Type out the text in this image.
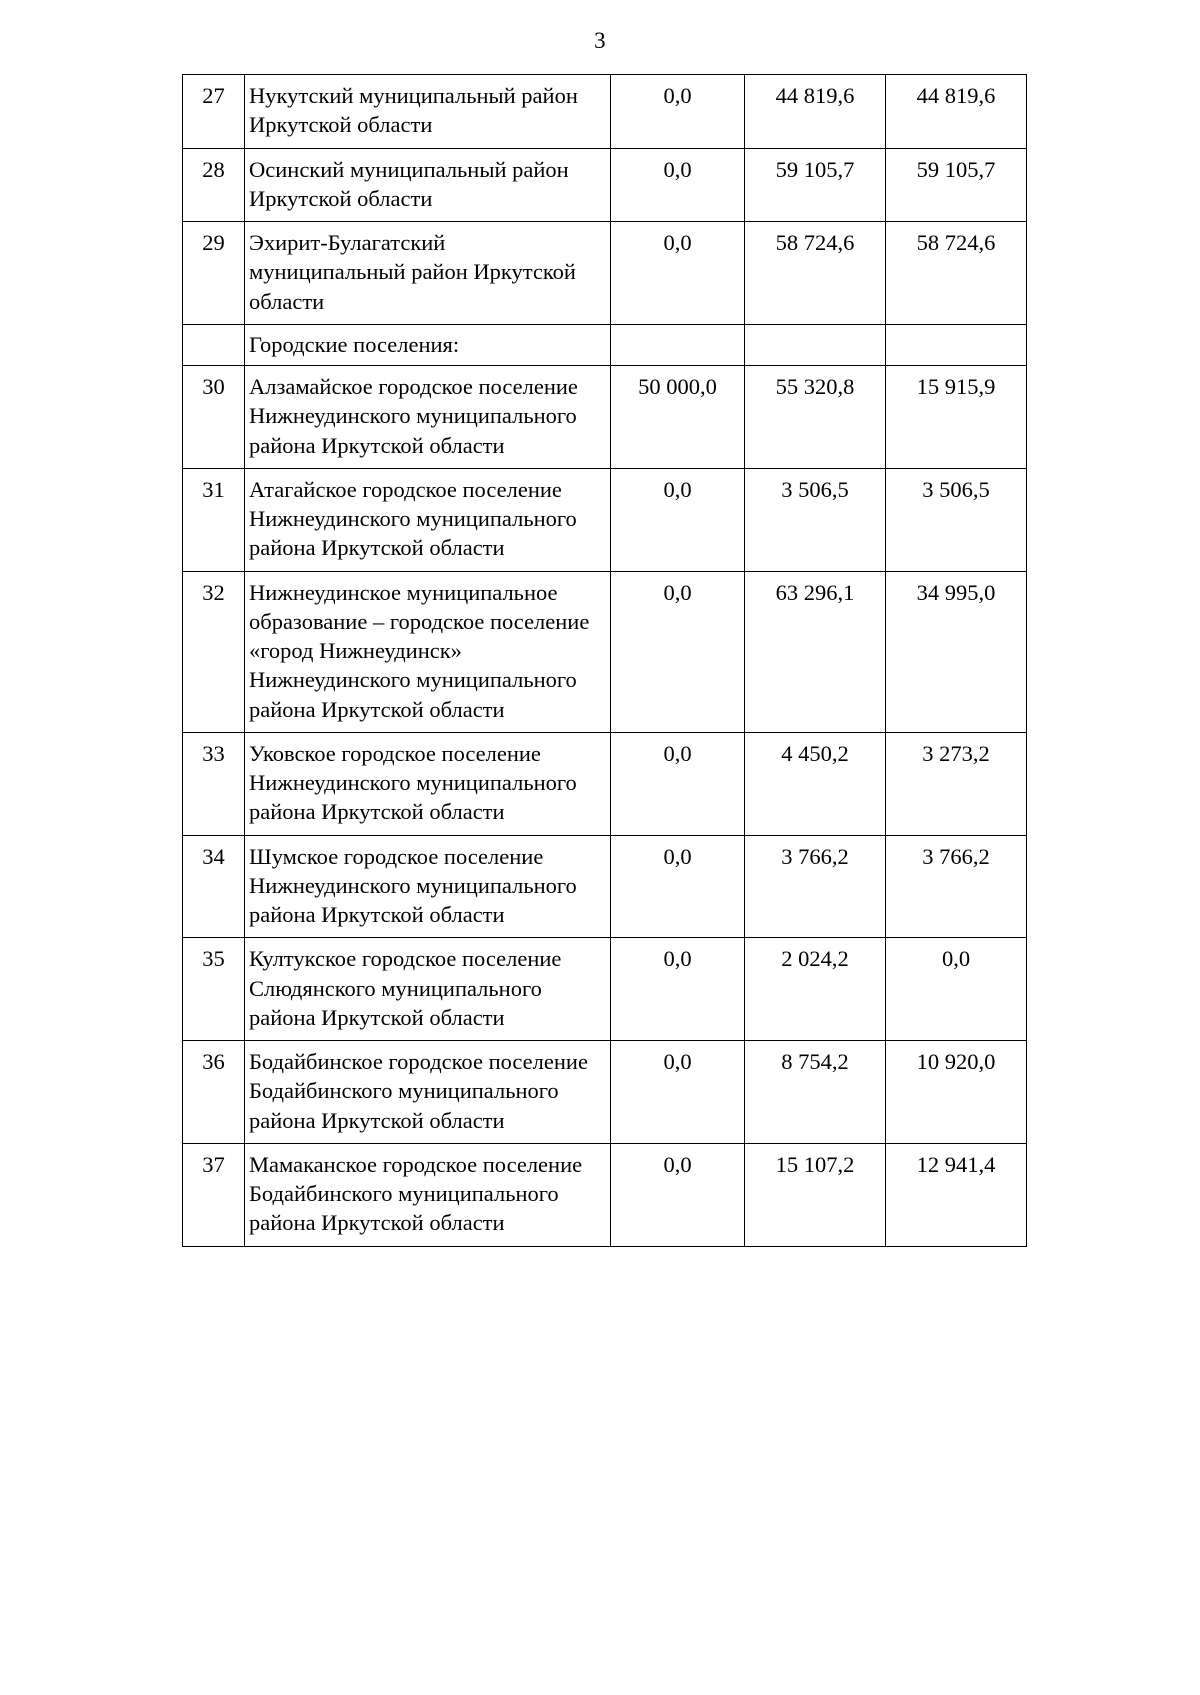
3
27	Нукутский муниципальный район Иркутской области	0,0	44 819,6	44 819,6
28	Осинский муниципальный район Иркутской области	0,0	59 105,7	59 105,7
29	Эхирит-Булагатский муниципальный район Иркутской области	0,0	58 724,6	58 724,6
	Городские поселения:			
30	Алзамайское городское поселение Нижнеудинского муниципального района Иркутской области	50 000,0	55 320,8	15 915,9
31	Атагайское городское поселение Нижнеудинского муниципального района Иркутской области	0,0	3 506,5	3 506,5
32	Нижнеудинское муниципальное образование – городское поселение «город Нижнеудинск» Нижнеудинского муниципального района Иркутской области	0,0	63 296,1	34 995,0
33	Уковское городское поселение Нижнеудинского муниципального района Иркутской области	0,0	4 450,2	3 273,2
34	Шумское городское поселение Нижнеудинского муниципального района Иркутской области	0,0	3 766,2	3 766,2
35	Култукское городское поселение Слюдянского муниципального района Иркутской области	0,0	2 024,2	0,0
36	Бодайбинское городское поселение Бодайбинского муниципального района Иркутской области	0,0	8 754,2	10 920,0
37	Мамаканское городское поселение Бодайбинского муниципального района Иркутской области	0,0	15 107,2	12 941,4
